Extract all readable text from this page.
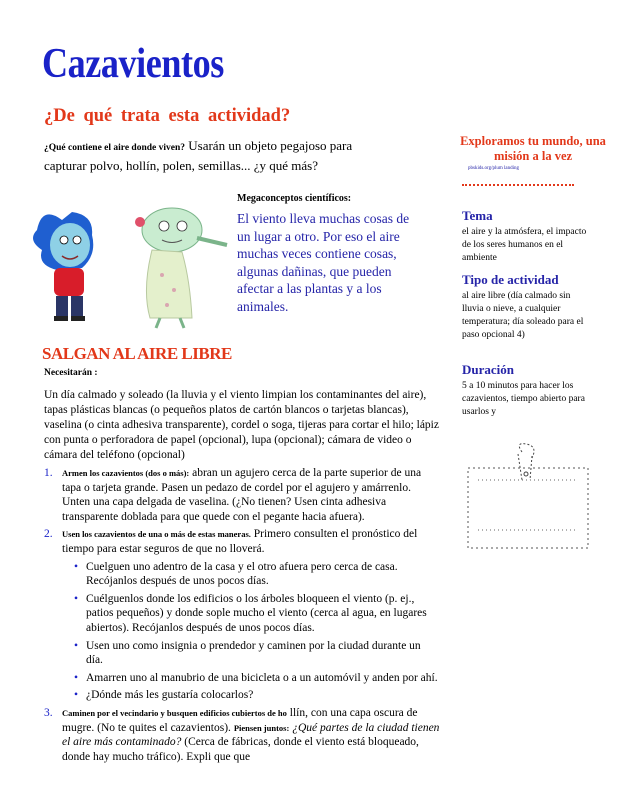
Cazavientos
¿De qué trata esta actividad?
¿Qué contiene el aire donde viven? Usarán un objeto pegajoso para capturar polvo, hollín, polen, semillas... ¿y qué más?
Megaconceptos científicos:
El viento lleva muchas cosas de un lugar a otro. Por eso el aire muchas veces contiene cosas, algunas dañinas, que pueden afectar a las plantas y a los animales.
SALGAN AL AIRE LIBRE
Necesitarán :
Un día calmado y soleado (la lluvia y el viento limpian los contaminantes del aire), tapas plásticas blancas (o pequeños platos de cartón blancos o tarjetas blancas), vaselina (o cinta adhesiva transparente), cordel o soga, tijeras para cortar el hilo; lápiz con punta o perforadora de papel (opcional), lupa (opcional); cámara de video o cámara del teléfono (opcional)
1. Armen los cazavientos (dos o más): abran un agujero cerca de la parte superior de una tapa o tarjeta grande. Pasen un pedazo de cordel por el agujero y amárrenlo. Unten una capa delgada de vaselina. (¿No tienen? Usen cinta adhesiva transparente doblada para que quede con el pegante hacia afuera).
2. Usen los cazavientos de una o más de estas maneras. Primero consulten el pronóstico del tiempo para estar seguros de que no lloverá.
• Cuelguen uno adentro de la casa y el otro afuera pero cerca de casa. Recójanlos después de unos pocos días.
• Cuélguenlos donde los edificios o los árboles bloqueen el viento (p. ej., patios pequeños) y donde sople mucho el viento (cerca al agua, en lugares abiertos). Recójanlos después de unos pocos días.
• Usen uno como insignia o prendedor y caminen por la ciudad durante un día.
• Amarren uno al manubrio de una bicicleta o a un automóvil y anden por ahí.
• ¿Dónde más les gustaría colocarlos?
3. Caminen por el vecindario y busquen edificios cubiertos de ho llín, con una capa oscura de mugre. (No te quites el cazavientos). Piensen juntos: ¿Qué partes de la ciudad tienen el aire más contaminado? (Cerca de fábricas, donde el viento está bloqueado, donde hay mucho tráfico). Expli que que
Exploramos tu mundo, una misión a la vez
pbskids.org/plum landing
Tema
el aire y la atmósfera, el impacto de los seres humanos en el ambiente
Tipo de actividad
al aire libre (día calmado sin lluvia o nieve, a cualquier temperatura; día soleado para el paso opcional 4)
Duración
5 a 10 minutos para hacer los cazavientos, tiempo abierto para usarlos y
